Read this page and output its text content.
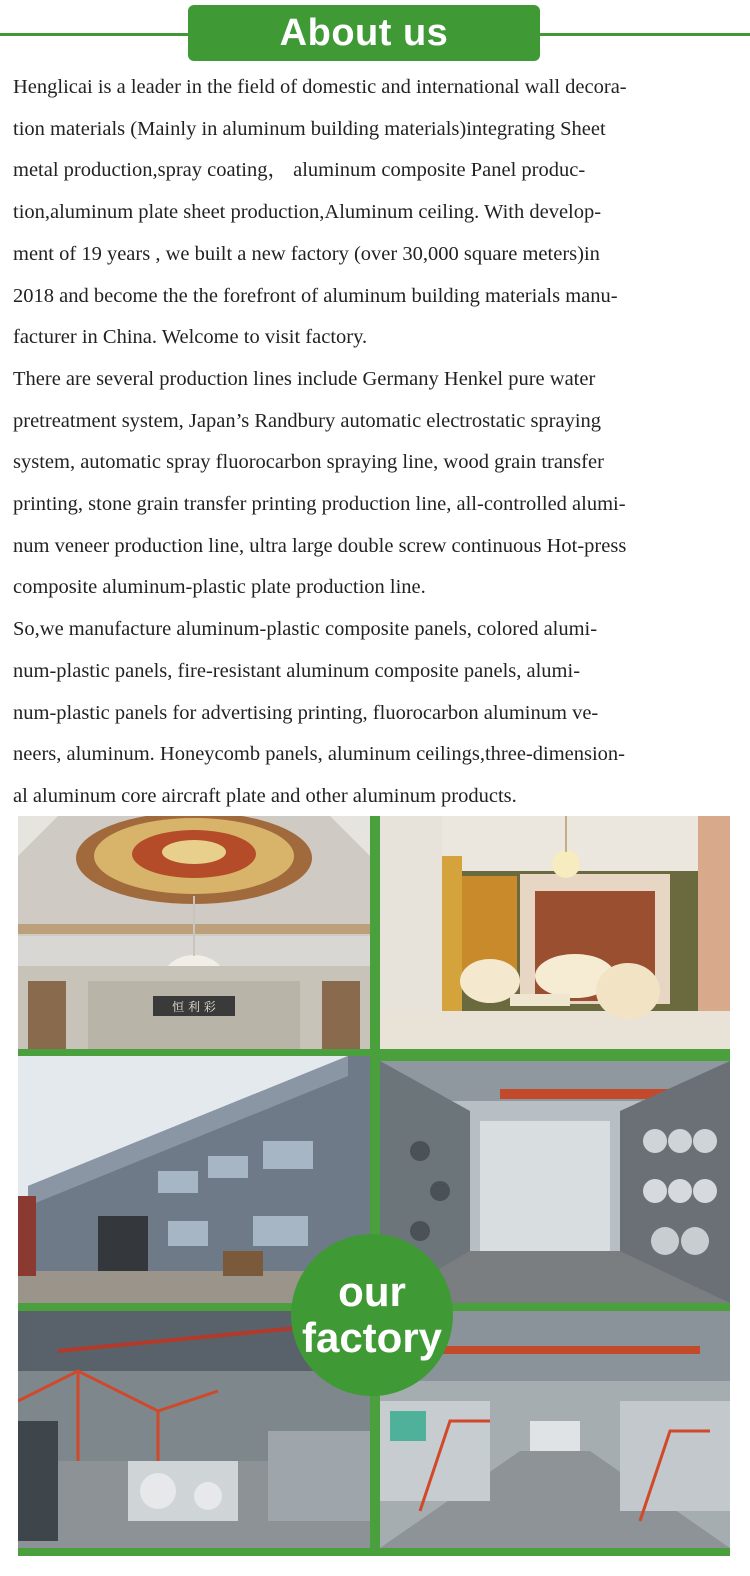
About us

Henglicai is a leader in the field of domestic and international wall decora-
tion materials (Mainly in aluminum building materials)integrating Sheet
metal production,spray coating， aluminum composite Panel produc-
tion,aluminum plate sheet production,Aluminum ceiling. With develop-
ment of 19 years , we built a new factory (over 30,000 square meters)in
2018 and become the the forefront of aluminum building materials manu-
facturer in China. Welcome to visit factory.

There are several production lines include Germany Henkel pure water
pretreatment system, Japan’s Randbury automatic electrostatic spraying
system, automatic spray fluorocarbon spraying line, wood grain transfer
printing, stone grain transfer printing production line, all-controlled alumi-
num veneer production line, ultra large double screw continuous Hot-press
composite aluminum-plastic plate production line.

So,we manufacture aluminum-plastic composite panels, colored alumi-
num-plastic panels, fire-resistant aluminum composite panels, alumi-
num-plastic panels for advertising printing, fluorocarbon aluminum ve-
neers, aluminum. Honeycomb panels, aluminum ceilings,three-dimension-
al aluminum core aircraft plate and other aluminum products.

恒 利 彩
our
factory
